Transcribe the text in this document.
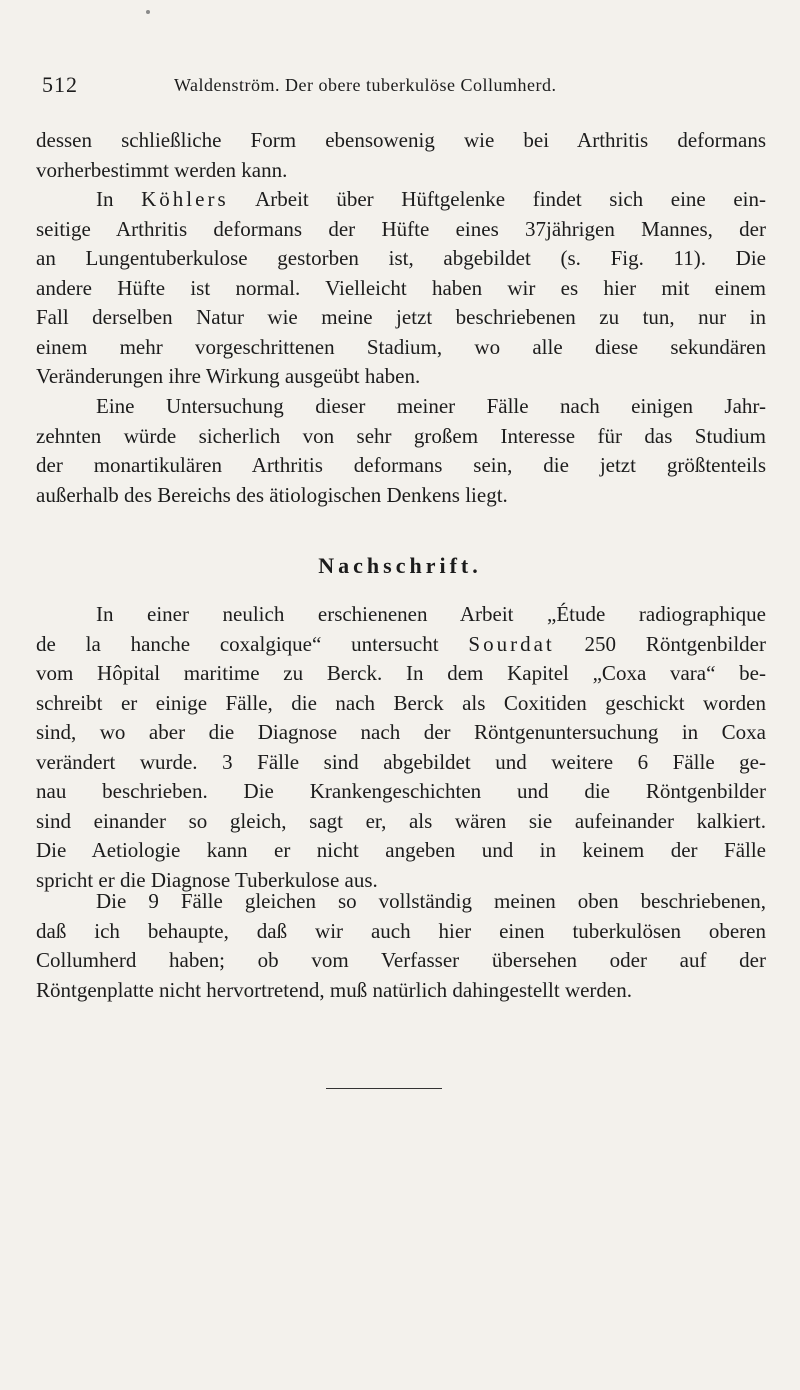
512	Waldenström. Der obere tuberkulöse Collumherd.
dessen schließliche Form ebensowenig wie bei Arthritis deformans
vorherbestimmt werden kann.
In Köhlers Arbeit über Hüftgelenke findet sich eine ein-
seitige Arthritis deformans der Hüfte eines 37jährigen Mannes, der
an Lungentuberkulose gestorben ist, abgebildet (s. Fig. 11). Die
andere Hüfte ist normal. Vielleicht haben wir es hier mit einem
Fall derselben Natur wie meine jetzt beschriebenen zu tun, nur in
einem mehr vorgeschrittenen Stadium, wo alle diese sekundären
Veränderungen ihre Wirkung ausgeübt haben.
Eine Untersuchung dieser meiner Fälle nach einigen Jahr-
zehnten würde sicherlich von sehr großem Interesse für das Studium
der monartikulären Arthritis deformans sein, die jetzt größtenteils
außerhalb des Bereichs des ätiologischen Denkens liegt.
Nachschrift.
In einer neulich erschienenen Arbeit „Étude radiographique
de la hanche coxalgique“ untersucht Sourdat 250 Röntgenbilder
vom Hôpital maritime zu Berck. In dem Kapitel „Coxa vara“ be-
schreibt er einige Fälle, die nach Berck als Coxitiden geschickt worden
sind, wo aber die Diagnose nach der Röntgenuntersuchung in Coxa
verändert wurde. 3 Fälle sind abgebildet und weitere 6 Fälle ge-
nau beschrieben. Die Krankengeschichten und die Röntgenbilder
sind einander so gleich, sagt er, als wären sie aufeinander kalkiert.
Die Aetiologie kann er nicht angeben und in keinem der Fälle
spricht er die Diagnose Tuberkulose aus.
Die 9 Fälle gleichen so vollständig meinen oben beschriebenen,
daß ich behaupte, daß wir auch hier einen tuberkulösen oberen
Collumherd haben; ob vom Verfasser übersehen oder auf der
Röntgenplatte nicht hervortretend, muß natürlich dahingestellt werden.
